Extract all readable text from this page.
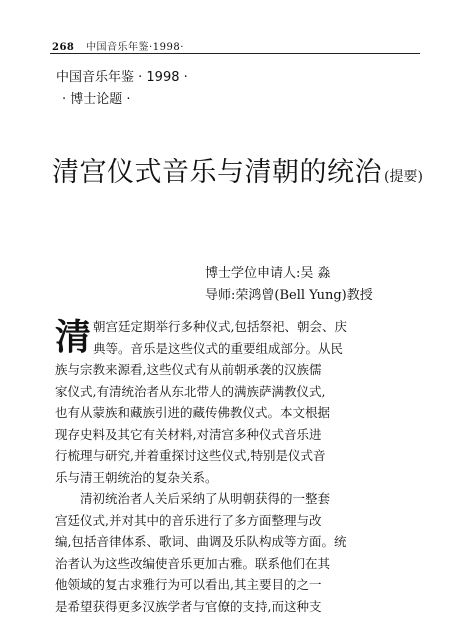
268 中国音乐年鉴·1998·
中国音乐年鉴 · 1998 ·
· 博士论题 ·
清宫仪式音乐与清朝的统治 (提要)
博士学位申请人:吴 淼
导师:荣鸿曾(Bell Yung)教授
清 朝宫廷定期举行多种仪式,包括祭祀、朝会、庆
典等。音乐是这些仪式的重要组成部分。从民
族与宗教来源看,这些仪式有从前朝承袭的汉族儒
家仪式,有清统治者从东北带人的满族萨满教仪式,
也有从蒙族和藏族引进的藏传佛教仪式。本文根据
现存史料及其它有关材料,对清宫多种仪式音乐进
行梳理与研究,并着重探讨这些仪式,特别是仪式音
乐与清王朝统治的复杂关系。
清初统治者人关后采纳了从明朝获得的一整套
宫廷仪式,并对其中的音乐进行了多方面整理与改
编,包括音律体系、歌词、曲调及乐队构成等方面。统
治者认为这些改编使音乐更加古雅。联系他们在其
他领域的复古求雅行为可以看出,其主要目的之一
是希望获得更多汉族学者与官僚的支持,而这种支
